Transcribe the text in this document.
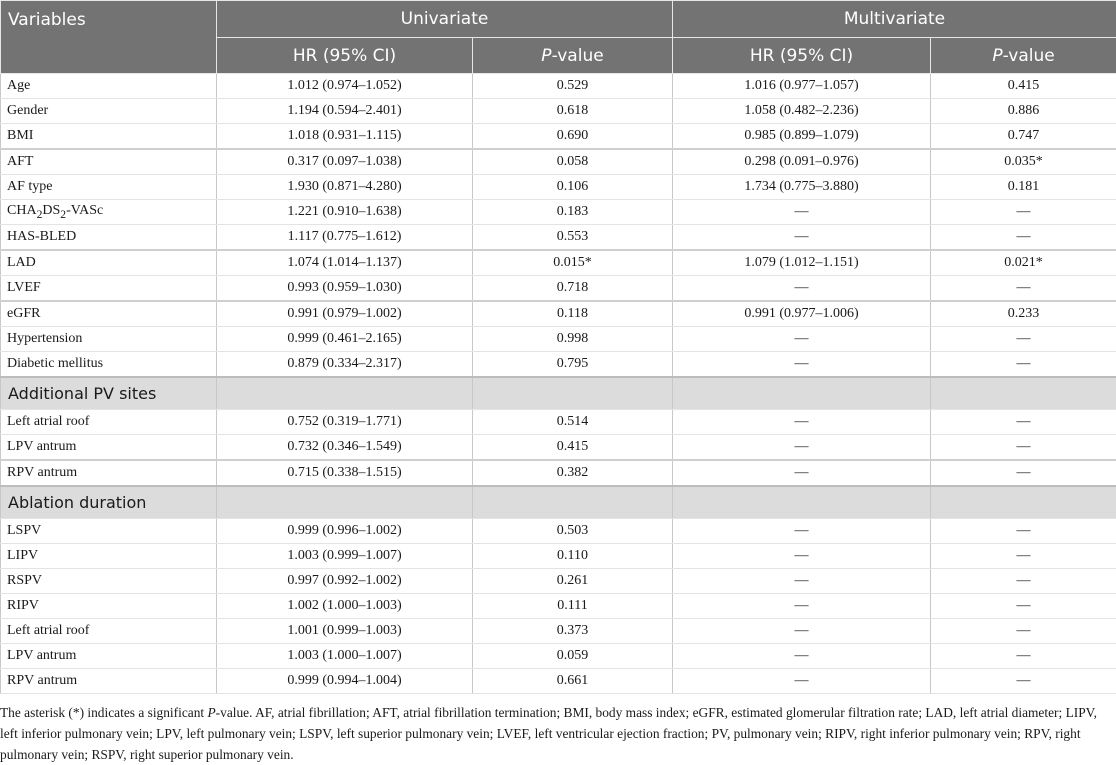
Variables	Univariate		Multivariate	
	HR (95% CI)	P-value	HR (95% CI)	P-value
Age	1.012 (0.974–1.052)	0.529	1.016 (0.977–1.057)	0.415
Gender	1.194 (0.594–2.401)	0.618	1.058 (0.482–2.236)	0.886
BMI	1.018 (0.931–1.115)	0.690	0.985 (0.899–1.079)	0.747
AFT	0.317 (0.097–1.038)	0.058	0.298 (0.091–0.976)	0.035*
AF type	1.930 (0.871–4.280)	0.106	1.734 (0.775–3.880)	0.181
$CHA_2DS_2$-VASc	1.221 (0.910–1.638)	0.183	—	—
HAS-BLED	1.117 (0.775–1.612)	0.553	—	—
LAD	1.074 (1.014–1.137)	0.015*	1.079 (1.012–1.151)	0.021*
LVEF	0.993 (0.959–1.030)	0.718	—	—
eGFR	0.991 (0.979–1.002)	0.118	0.991 (0.977–1.006)	0.233
Hypertension	0.999 (0.461–2.165)	0.998	—	—
Diabetic mellitus	0.879 (0.334–2.317)	0.795	—	—
Additional PV sites				
Left atrial roof	0.752 (0.319–1.771)	0.514	—	—
LPV antrum	0.732 (0.346–1.549)	0.415	—	—
RPV antrum	0.715 (0.338–1.515)	0.382	—	—
Ablation duration				
LSPV	0.999 (0.996–1.002)	0.503	—	—
LIPV	1.003 (0.999–1.007)	0.110	—	—
RSPV	0.997 (0.992–1.002)	0.261	—	—
RIPV	1.002 (1.000–1.003)	0.111	—	—
Left atrial roof	1.001 (0.999–1.003)	0.373	—	—
LPV antrum	1.003 (1.000–1.007)	0.059	—	—
RPV antrum	0.999 (0.994–1.004)	0.661	—	—

The asterisk (*) indicates a significant P-value. AF, atrial fibrillation; AFT, atrial fibrillation termination; BMI, body mass index; eGFR, estimated glomerular filtration rate; LAD, left atrial diameter; LIPV, left inferior pulmonary vein; LPV, left pulmonary vein; LSPV, left superior pulmonary vein; LVEF, left ventricular ejection fraction; PV, pulmonary vein; RIPV, right inferior pulmonary vein; RPV, right pulmonary vein; RSPV, right superior pulmonary vein.
